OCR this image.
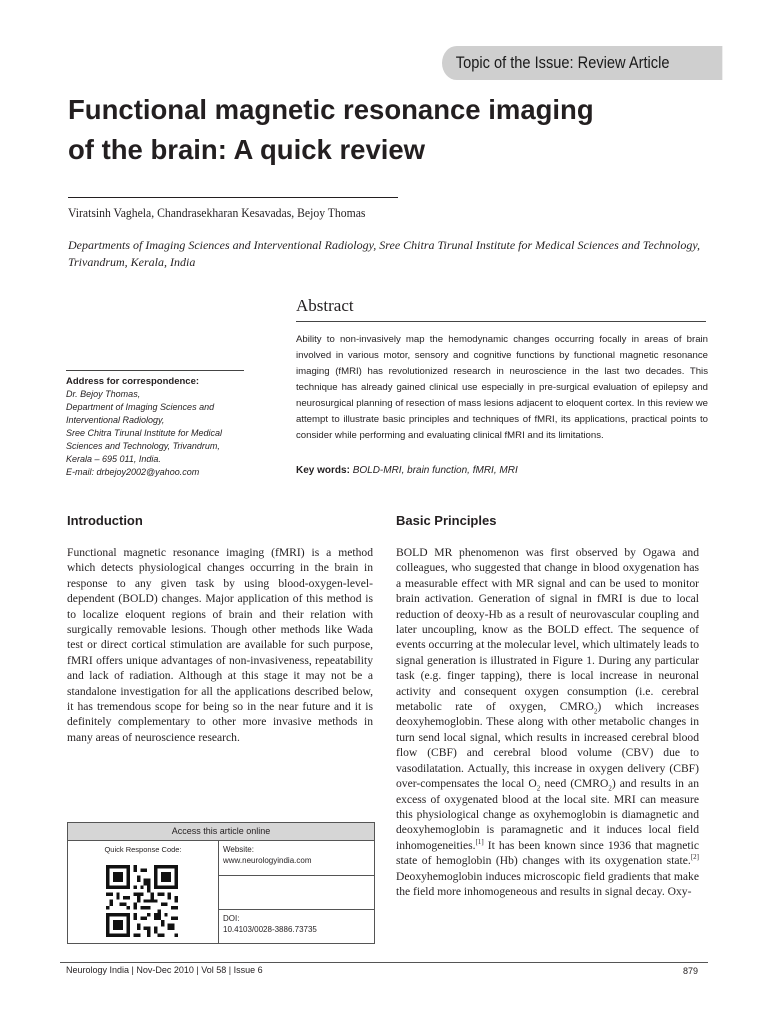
Topic of the Issue: Review Article
Functional magnetic resonance imaging
of the brain: A quick review
Viratsinh Vaghela, Chandrasekharan Kesavadas, Bejoy Thomas
Departments of Imaging Sciences and Interventional Radiology, Sree Chitra Tirunal Institute for Medical Sciences and Technology,
Trivandrum, Kerala, India
Abstract

Ability to non-invasively map the hemodynamic changes occurring focally in areas of brain involved in various motor, sensory and cognitive functions by functional magnetic resonance imaging (fMRI) has revolutionized research in neuroscience in the last two decades. This technique has already gained clinical use especially in pre-surgical evaluation of epilepsy and neurosurgical planning of resection of mass lesions adjacent to eloquent cortex. In this review we attempt to illustrate basic principles and techniques of fMRI, its applications, practical points to consider while performing and evaluating clinical fMRI and its limitations.

Key words: BOLD-MRI, brain function, fMRI, MRI
Address for correspondence:
Dr. Bejoy Thomas,
Department of Imaging Sciences and
Interventional Radiology,
Sree Chitra Tirunal Institute for Medical
Sciences and Technology, Trivandrum,
Kerala – 695 011, India.
E-mail: drbejoy2002@yahoo.com
Introduction	Basic Principles

Functional magnetic resonance imaging (fMRI) is a method which detects physiological changes occurring in the brain in response to any given task by using blood-oxygen-level-dependent (BOLD) changes. Major application of this method is to localize eloquent regions of brain and their relation with surgically removable lesions. Though other methods like Wada test or direct cortical stimulation are available for such purpose, fMRI offers unique advantages of non-invasiveness, repeatability and lack of radiation. Although at this stage it may not be a standalone investigation for all the applications described below, it has tremendous scope for being so in the near future and it is definitely complementary to other more invasive methods in many areas of neuroscience research.

BOLD MR phenomenon was first observed by Ogawa and colleagues, who suggested that change in blood oxygenation has a measurable effect with MR signal and can be used to monitor brain activation. Generation of signal in fMRI is due to local reduction of deoxy-Hb as a result of neurovascular coupling and later uncoupling, know as the BOLD effect. The sequence of events occurring at the molecular level, which ultimately leads to signal generation is illustrated in Figure 1. During any particular task (e.g. finger tapping), there is local increase in neuronal activity and consequent oxygen consumption (i.e. cerebral metabolic rate of oxygen, $CMRO_2$) which increases deoxyhemoglobin. These along with other metabolic changes in turn send local signal, which results in increased cerebral blood flow (CBF) and cerebral blood volume (CBV) due to vasodilatation. Actually, this increase in oxygen delivery (CBF) over-compensates the local $O_2$ need $(CMRO_2)$ and results in an excess of oxygenated blood at the local site. MRI can measure this physiological change as oxyhemoglobin is diamagnetic and deoxyhemoglobin is paramagnetic and it induces local field inhomogeneities.[1] It has been known since 1936 that magnetic state of hemoglobin (Hb) changes with its oxygenation state.[2] Deoxyhemoglobin induces microscopic field gradients that make the field more inhomogeneous and results in signal decay. Oxy-

Access this article online
Quick Response Code:	Website:
www.neurologyindia.com
DOI:
10.4103/0028-3886.73735
Neurology India | Nov-Dec 2010 | Vol 58 | Issue 6	879
